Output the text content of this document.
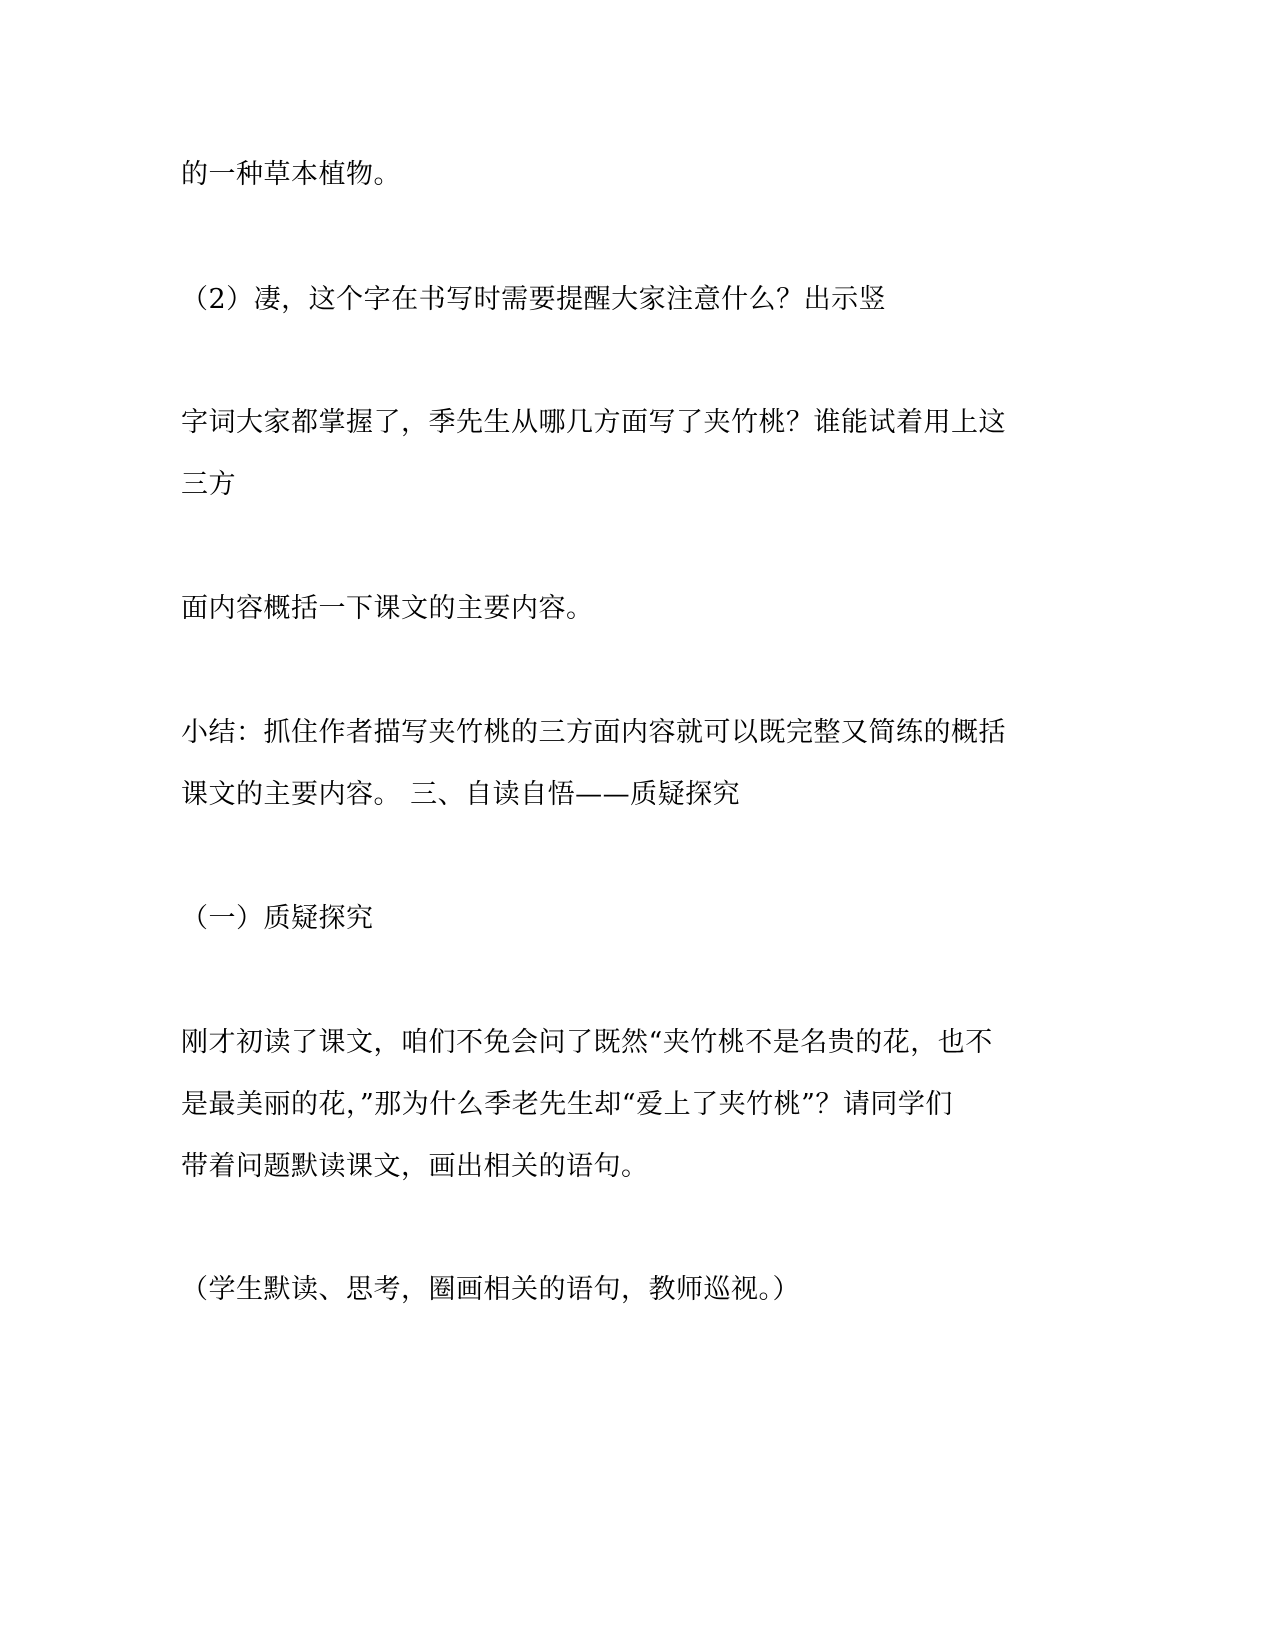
的一种草本植物。
（2）凄，这个字在书写时需要提醒大家注意什么？出示竖
字词大家都掌握了，季先生从哪几方面写了夹竹桃？谁能试着用上这
三方
面内容概括一下课文的主要内容。
小结：抓住作者描写夹竹桃的三方面内容就可以既完整又简练的概括
课文的主要内容。 三、自读自悟——质疑探究
（一）质疑探究
刚才初读了课文，咱们不免会问了既然“夹竹桃不是名贵的花，也不
是最美丽的花，”那为什么季老先生却“爱上了夹竹桃”？请同学们
带着问题默读课文，画出相关的语句。
（学生默读、思考，圈画相关的语句，教师巡视。）
